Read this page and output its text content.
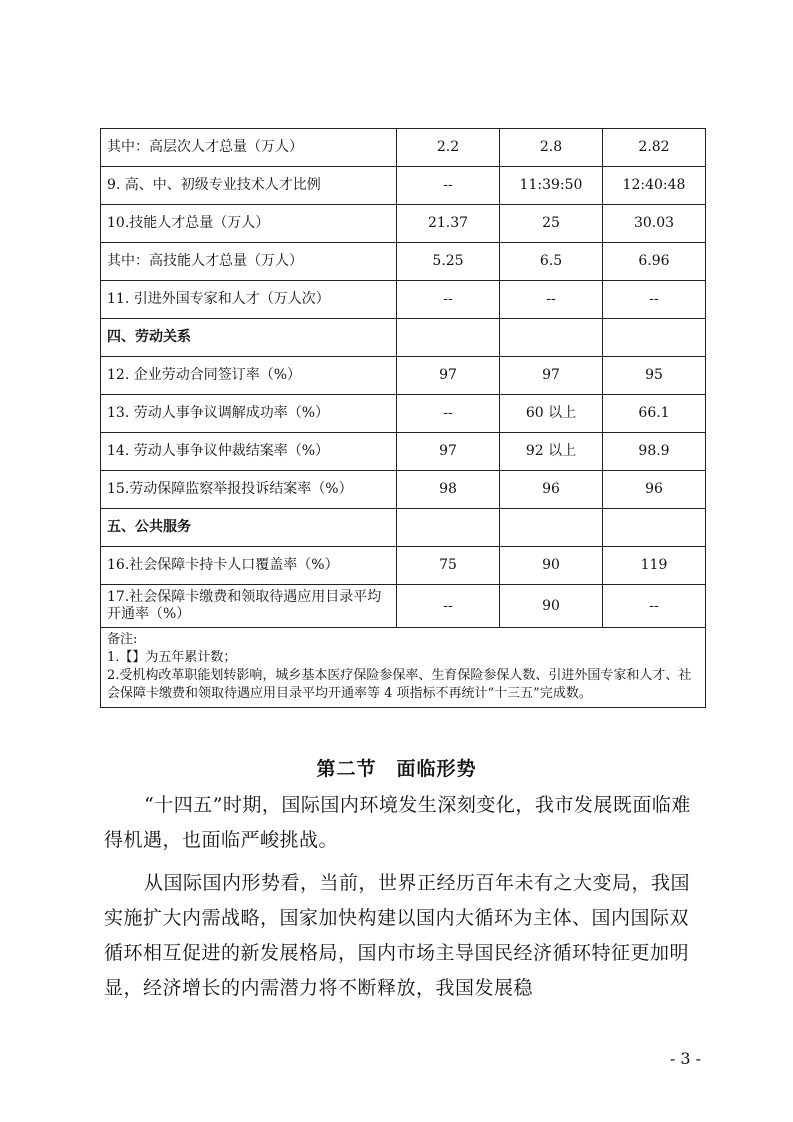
其中：高层次人才总量（万人）	2.2	2.8	2.82
9. 高、中、初级专业技术人才比例	--	11:39:50	12:40:48
10.技能人才总量（万人）	21.37	25	30.03
其中：高技能人才总量（万人）	5.25	6.5	6.96
11. 引进外国专家和人才（万人次）	--	--	--
四、劳动关系			
12. 企业劳动合同签订率（%）	97	97	95
13. 劳动人事争议调解成功率（%）	--	60 以上	66.1
14. 劳动人事争议仲裁结案率（%）	97	92 以上	98.9
15.劳动保障监察举报投诉结案率（%）	98	96	96
五、公共服务			
16.社会保障卡持卡人口覆盖率（%）	75	90	119
17.社会保障卡缴费和领取待遇应用目录平均开通率（%）	--	90	--

备注:
1.【】为五年累计数；
2.受机构改革职能划转影响，城乡基本医疗保险参保率、生育保险参保人数、引进外国专家和人才、社会保障卡缴费和领取待遇应用目录平均开通率等 4 项指标不再统计“十三五”完成数。			
第二节　面临形势

“十四五”时期，国际国内环境发生深刻变化，我市发展既面临难得机遇，也面临严峻挑战。

从国际国内形势看，当前，世界正经历百年未有之大变局，我国实施扩大内需战略，国家加快构建以国内大循环为主体、国内国际双循环相互促进的新发展格局，国内市场主导国民经济循环特征更加明显，经济增长的内需潜力将不断释放，我国发展稳

- 3 -
